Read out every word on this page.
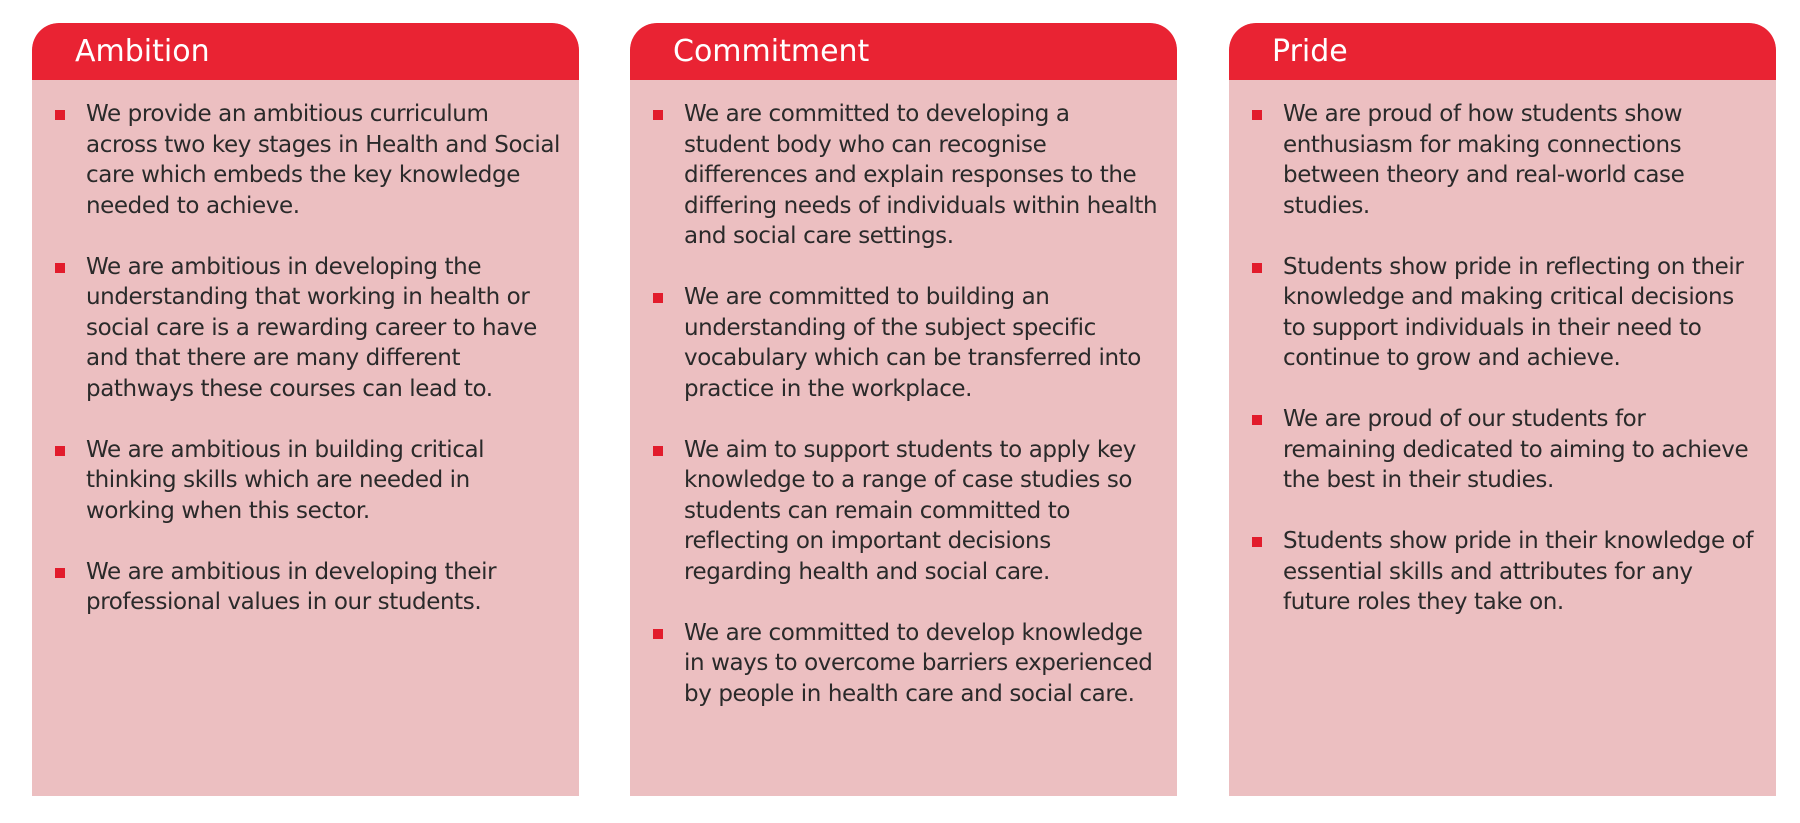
Ambition
We provide an ambitious curriculum across two key stages in Health and Social care which embeds the key knowledge needed to achieve.
We are ambitious in developing the understanding that working in health or social care is a rewarding career to have and that there are many different pathways these courses can lead to.
We are ambitious in building critical thinking skills which are needed in working when this sector.
We are ambitious in developing their professional values in our students.
Commitment
We are committed to developing a student body who can recognise differences and explain responses to the differing needs of individuals within health and social care settings.
We are committed to building an understanding of the subject specific vocabulary which can be transferred into practice in the workplace.
We aim to support students to apply key knowledge to a range of case studies so students can remain committed to reflecting on important decisions regarding health and social care.
We are committed to develop knowledge in ways to overcome barriers experienced by people in health care and social care.
Pride
We are proud of how students show enthusiasm for making connections between theory and real-world case studies.
Students show pride in reflecting on their knowledge and making critical decisions to support individuals in their need to continue to grow and achieve.
We are proud of our students for remaining dedicated to aiming to achieve the best in their studies.
Students show pride in their knowledge of essential skills and attributes for any future roles they take on.
